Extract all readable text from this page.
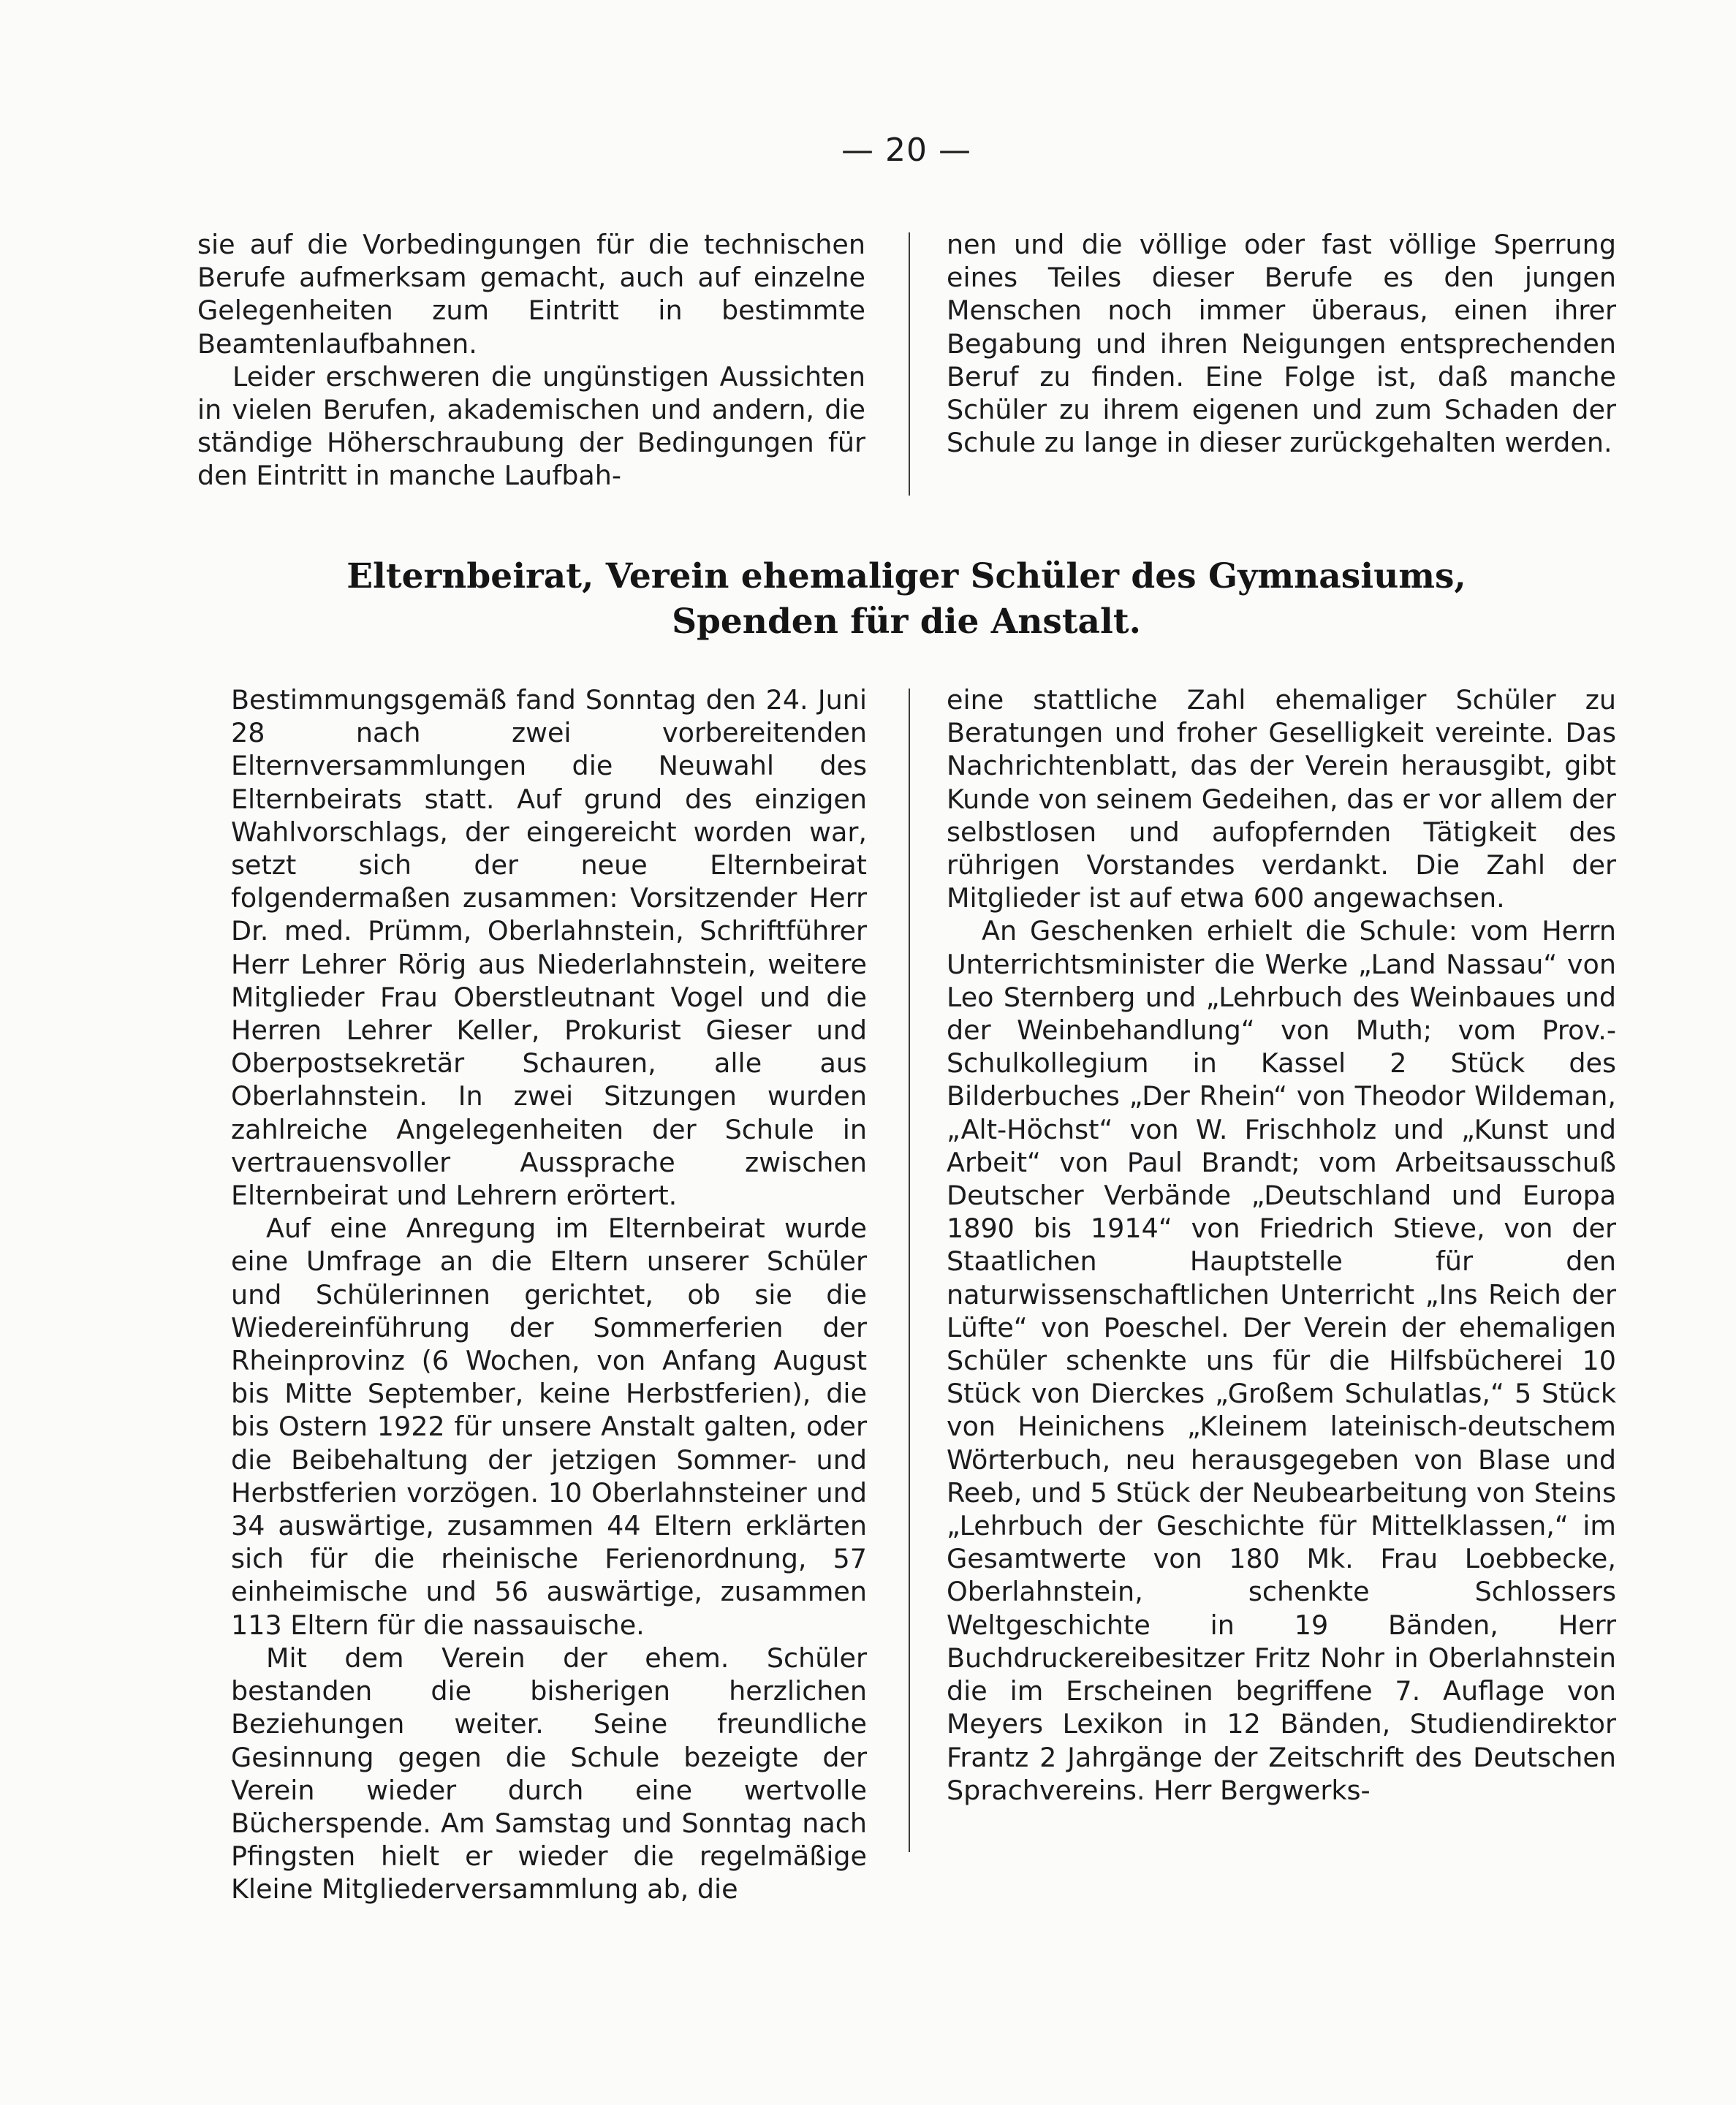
— 20 —

sie auf die Vorbedingungen für die technischen Berufe aufmerksam gemacht, auch auf einzelne Gelegenheiten zum Eintritt in bestimmte Beamtenlaufbahnen.

Leider erschweren die ungünstigen Aussichten in vielen Berufen, akademischen und andern, die ständige Höherschraubung der Bedingungen für den Eintritt in manche Laufbah-

nen und die völlige oder fast völlige Sperrung eines Teiles dieser Berufe es den jungen Menschen noch immer überaus, einen ihrer Begabung und ihren Neigungen entsprechenden Beruf zu finden. Eine Folge ist, daß manche Schüler zu ihrem eigenen und zum Schaden der Schule zu lange in dieser zurückgehalten werden.

Elternbeirat, Verein ehemaliger Schüler des Gymnasiums,
Spenden für die Anstalt.

Bestimmungsgemäß fand Sonntag den 24. Juni 28 nach zwei vorbereitenden Elternversammlungen die Neuwahl des Elternbeirats statt. Auf grund des einzigen Wahlvorschlags, der eingereicht worden war, setzt sich der neue Elternbeirat folgendermaßen zusammen: Vorsitzender Herr Dr. med. Prümm, Oberlahnstein, Schriftführer Herr Lehrer Rörig aus Niederlahnstein, weitere Mitglieder Frau Oberstleutnant Vogel und die Herren Lehrer Keller, Prokurist Gieser und Oberpostsekretär Schauren, alle aus Oberlahnstein. In zwei Sitzungen wurden zahlreiche Angelegenheiten der Schule in vertrauensvoller Aussprache zwischen Elternbeirat und Lehrern erörtert.

Auf eine Anregung im Elternbeirat wurde eine Umfrage an die Eltern unserer Schüler und Schülerinnen gerichtet, ob sie die Wiedereinführung der Sommerferien der Rheinprovinz (6 Wochen, von Anfang August bis Mitte September, keine Herbstferien), die bis Ostern 1922 für unsere Anstalt galten, oder die Beibehaltung der jetzigen Sommer- und Herbstferien vorzögen. 10 Oberlahnsteiner und 34 auswärtige, zusammen 44 Eltern erklärten sich für die rheinische Ferienordnung, 57 einheimische und 56 auswärtige, zusammen 113 Eltern für die nassauische.

Mit dem Verein der ehem. Schüler bestanden die bisherigen herzlichen Beziehungen weiter. Seine freundliche Gesinnung gegen die Schule bezeigte der Verein wieder durch eine wertvolle Bücherspende. Am Samstag und Sonntag nach Pfingsten hielt er wieder die regelmäßige Kleine Mitgliederversammlung ab, die

eine stattliche Zahl ehemaliger Schüler zu Beratungen und froher Geselligkeit vereinte. Das Nachrichtenblatt, das der Verein herausgibt, gibt Kunde von seinem Gedeihen, das er vor allem der selbstlosen und aufopfernden Tätigkeit des rührigen Vorstandes verdankt. Die Zahl der Mitglieder ist auf etwa 600 angewachsen.

An Geschenken erhielt die Schule: vom Herrn Unterrichtsminister die Werke „Land Nassau“ von Leo Sternberg und „Lehrbuch des Weinbaues und der Weinbehandlung“ von Muth; vom Prov.-Schulkollegium in Kassel 2 Stück des Bilderbuches „Der Rhein“ von Theodor Wildeman, „Alt-Höchst“ von W. Frischholz und „Kunst und Arbeit“ von Paul Brandt; vom Arbeitsausschuß Deutscher Verbände „Deutschland und Europa 1890 bis 1914“ von Friedrich Stieve, von der Staatlichen Hauptstelle für den naturwissenschaftlichen Unterricht „Ins Reich der Lüfte“ von Poeschel. Der Verein der ehemaligen Schüler schenkte uns für die Hilfsbücherei 10 Stück von Dierckes „Großem Schulatlas,“ 5 Stück von Heinichens „Kleinem lateinisch-deutschem Wörterbuch, neu herausgegeben von Blase und Reeb, und 5 Stück der Neubearbeitung von Steins „Lehrbuch der Geschichte für Mittelklassen,“ im Gesamtwerte von 180 Mk. Frau Loebbecke, Oberlahnstein, schenkte Schlossers Weltgeschichte in 19 Bänden, Herr Buchdruckereibesitzer Fritz Nohr in Oberlahnstein die im Erscheinen begriffene 7. Auflage von Meyers Lexikon in 12 Bänden, Studiendirektor Frantz 2 Jahrgänge der Zeitschrift des Deutschen Sprachvereins. Herr Bergwerks-
